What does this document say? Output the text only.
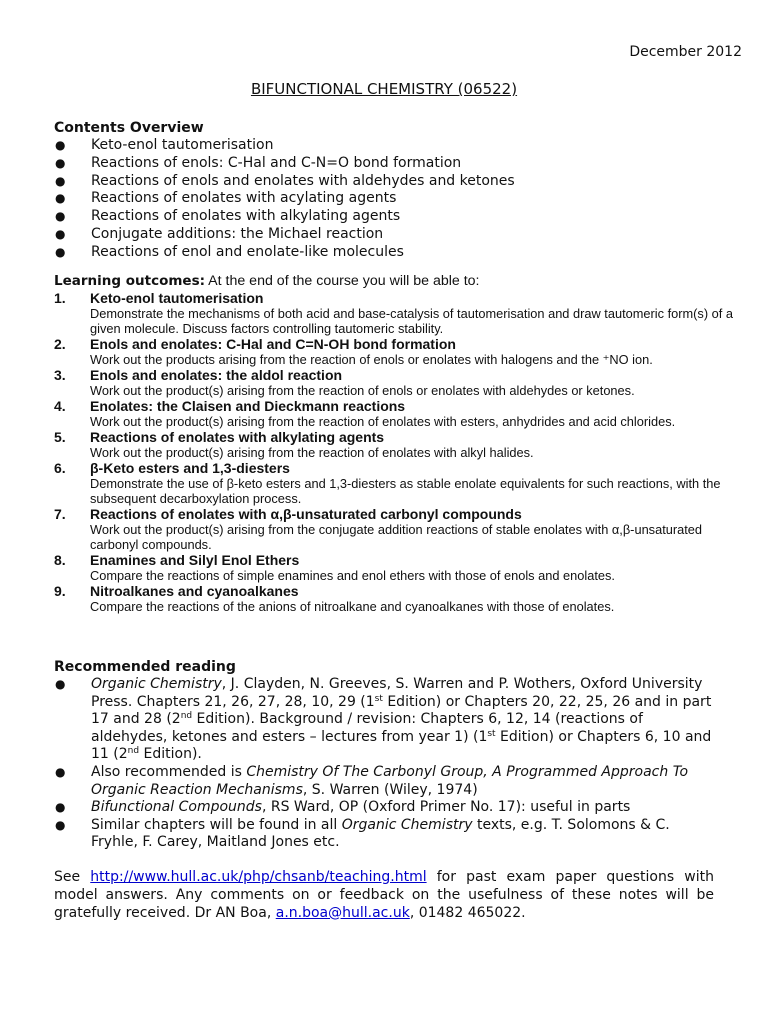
December 2012
BIFUNCTIONAL CHEMISTRY (06522)
Contents Overview
● Keto-enol tautomerisation
● Reactions of enols: C-Hal and C-N=O bond formation
● Reactions of enols and enolates with aldehydes and ketones
● Reactions of enolates with acylating agents
● Reactions of enolates with alkylating agents
● Conjugate additions: the Michael reaction
● Reactions of enol and enolate-like molecules
Learning outcomes: At the end of the course you will be able to:
1. Keto-enol tautomerisation
Demonstrate the mechanisms of both acid and base-catalysis of tautomerisation and draw tautomeric form(s) of a given molecule. Discuss factors controlling tautomeric stability.
2. Enols and enolates: C-Hal and C=N-OH bond formation
Work out the products arising from the reaction of enols or enolates with halogens and the ⁺NO ion.
3. Enols and enolates: the aldol reaction
Work out the product(s) arising from the reaction of enols or enolates with aldehydes or ketones.
4. Enolates: the Claisen and Dieckmann reactions
Work out the product(s) arising from the reaction of enolates with esters, anhydrides and acid chlorides.
5. Reactions of enolates with alkylating agents
Work out the product(s) arising from the reaction of enolates with alkyl halides.
6. β-Keto esters and 1,3-diesters
Demonstrate the use of β-keto esters and 1,3-diesters as stable enolate equivalents for such reactions, with the subsequent decarboxylation process.
7. Reactions of enolates with α,β-unsaturated carbonyl compounds
Work out the product(s) arising from the conjugate addition reactions of stable enolates with α,β-unsaturated carbonyl compounds.
8. Enamines and Silyl Enol Ethers
Compare the reactions of simple enamines and enol ethers with those of enols and enolates.
9. Nitroalkanes and cyanoalkanes
Compare the reactions of the anions of nitroalkane and cyanoalkanes with those of enolates.
Recommended reading
● Organic Chemistry, J. Clayden, N. Greeves, S. Warren and P. Wothers, Oxford University Press. Chapters 21, 26, 27, 28, 10, 29 (1st Edition) or Chapters 20, 22, 25, 26 and in part 17 and 28 (2nd Edition). Background / revision: Chapters 6, 12, 14 (reactions of aldehydes, ketones and esters – lectures from year 1) (1st Edition) or Chapters 6, 10 and 11 (2nd Edition).
● Also recommended is Chemistry Of The Carbonyl Group, A Programmed Approach To Organic Reaction Mechanisms, S. Warren (Wiley, 1974)
● Bifunctional Compounds, RS Ward, OP (Oxford Primer No. 17): useful in parts
● Similar chapters will be found in all Organic Chemistry texts, e.g. T. Solomons & C. Fryhle, F. Carey, Maitland Jones etc.
See http://www.hull.ac.uk/php/chsanb/teaching.html for past exam paper questions with model answers. Any comments on or feedback on the usefulness of these notes will be gratefully received. Dr AN Boa, a.n.boa@hull.ac.uk, 01482 465022.
